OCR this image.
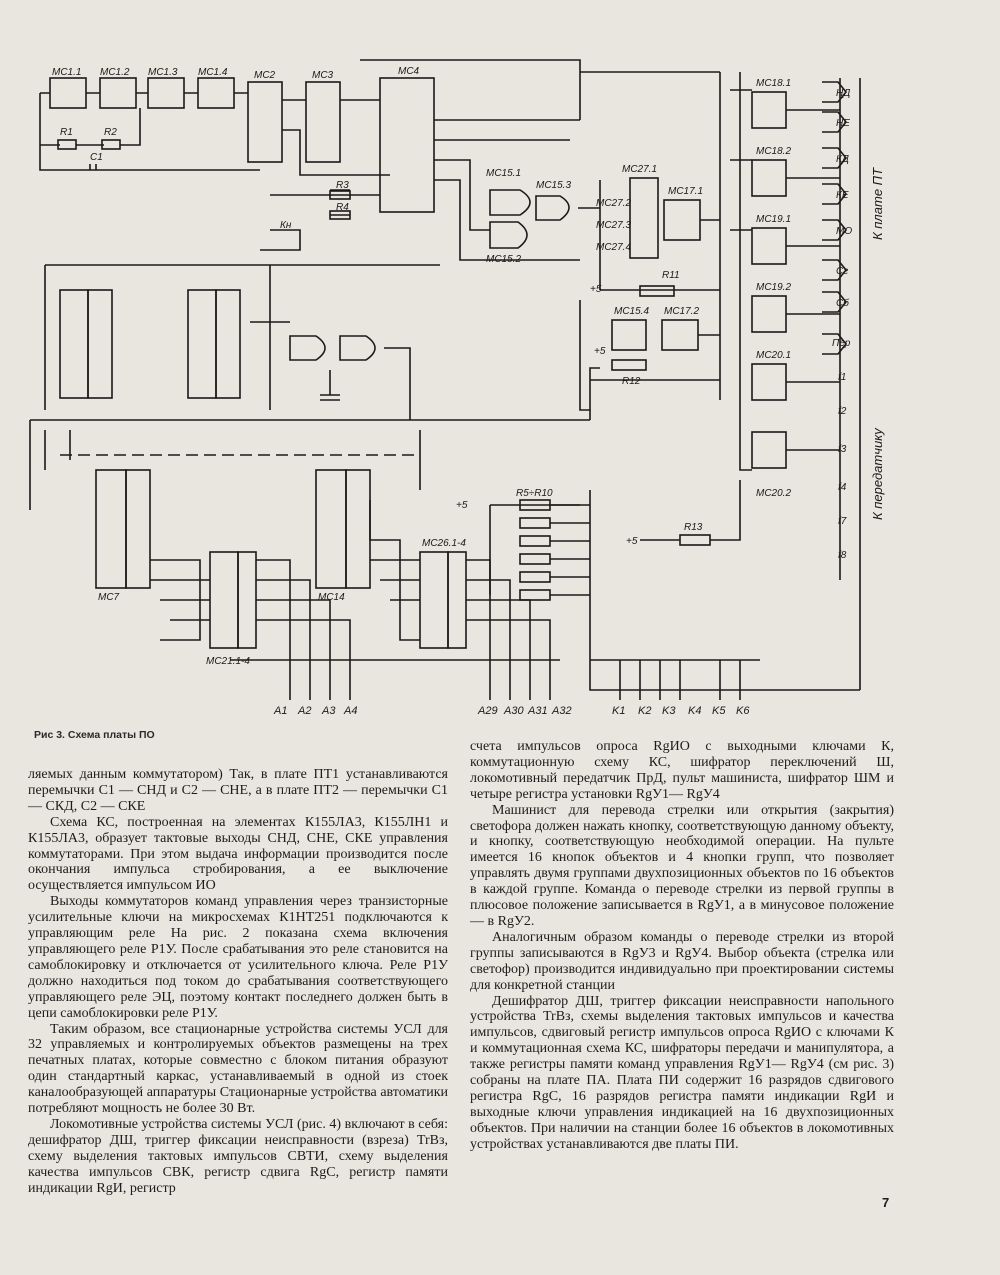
MC1.1 MC1.2 MC1.3 MC1.4	MC2	MC3	MC4
R1	R2
C1
R3
R4
Кн
MC15.1
MC15.3
MC15.2
MC27.1
MC27.2
MC27.3
MC27.4
MC17.1
R11
+5
MC15.4 MC17.2
+5
R12
MC18.1
MC18.2
MC19.1
MC19.2
MC20.1
MC20.2
MC7	MC14
MC21.1-4
MC26.1-4
R5÷R10
+5
+5
R13
НД
НЕ
КД
КЕ
МО
Сг
Сб
Пер
f1
f2
f3
f4
f7
f8
К плате ПТ
К передатчику
A1 A2 A3 A4	A29 A30 A31 A32	K1 K2 K3 K4 K5 K6
Рис 3. Схема платы ПО

ляемых данным коммутатором) Так, в плате ПТ1 устанавливаются перемычки С1 — СНД и С2 — СНЕ, а в плате ПТ2 — перемычки С1 — СКД, С2 — СКЕ

Схема КС, построенная на элементах К155ЛА3, К155ЛН1 и К155ЛА3, образует тактовые выходы СНД, СНЕ, СКЕ управления коммутаторами. При этом выдача информации производится после окончания импульса стробирования, а ее выключение осуществляется импульсом ИО

Выходы коммутаторов команд управления через транзисторные усилительные ключи на микросхемах К1НТ251 подключаются к управляющим реле На рис. 2 показана схема включения управляющего реле Р1У. После срабатывания это реле становится на самоблокировку и отключается от усилительного ключа. Реле Р1У должно находиться под током до срабатывания соответствующего управляющего реле ЭЦ, поэтому контакт последнего должен быть в цепи самоблокировки реле Р1У.

Таким образом, все стационарные устройства системы УСЛ для 32 управляемых и контролируемых объектов размещены на трех печатных платах, которые совместно с блоком питания образуют один стандартный каркас, устанавливаемый в одной из стоек каналообразующей аппаратуры Стационарные устройства автоматики потребляют мощность не более 30 Вт.

Локомотивные устройства системы УСЛ (рис. 4) включают в себя: дешифратор ДШ, триггер фиксации неисправности (взреза) TrBз, схему выделения тактовых импульсов СВТИ, схему выделения качества импульсов СВК, регистр сдвига RgC, регистр памяти индикации RgИ, регистр

счета импульсов опроса RgИО с выходными ключами К, коммутационную схему КС, шифратор переключений Ш, локомотивный передатчик ПрД, пульт машиниста, шифратор ШМ и четыре регистра установки RgУ1— RgУ4

Машинист для перевода стрелки или открытия (закрытия) светофора должен нажать кнопку, соответствующую данному объекту, и кнопку, соответствующую необходимой операции. На пульте имеется 16 кнопок объектов и 4 кнопки групп, что позволяет управлять двумя группами двухпозиционных объектов по 16 объектов в каждой группе. Команда о переводе стрелки из первой группы в плюсовое положение записывается в RgУ1, а в минусовое положение — в RgУ2.

Аналогичным образом команды о переводе стрелки из второй группы записываются в RgУ3 и RgУ4. Выбор объекта (стрелка или светофор) производится индивидуально при проектировании системы для конкретной станции

Дешифратор ДШ, триггер фиксации неисправности напольного устройства TrBз, схемы выделения тактовых импульсов и качества импульсов, сдвиговый регистр импульсов опроса RgИО с ключами К и коммутационная схема КС, шифраторы передачи и манипулятора, а также регистры памяти команд управления RgУ1— RgУ4 (см рис. 3) собраны на плате ПА. Плата ПИ содержит 16 разрядов сдвигового регистра RgC, 16 разрядов регистра памяти индикации RgИ и выходные ключи управления индикацией на 16 двухпозиционных объектов. При наличии на станции более 16 объектов в локомотивных устройствах устанавливаются две платы ПИ.

7
